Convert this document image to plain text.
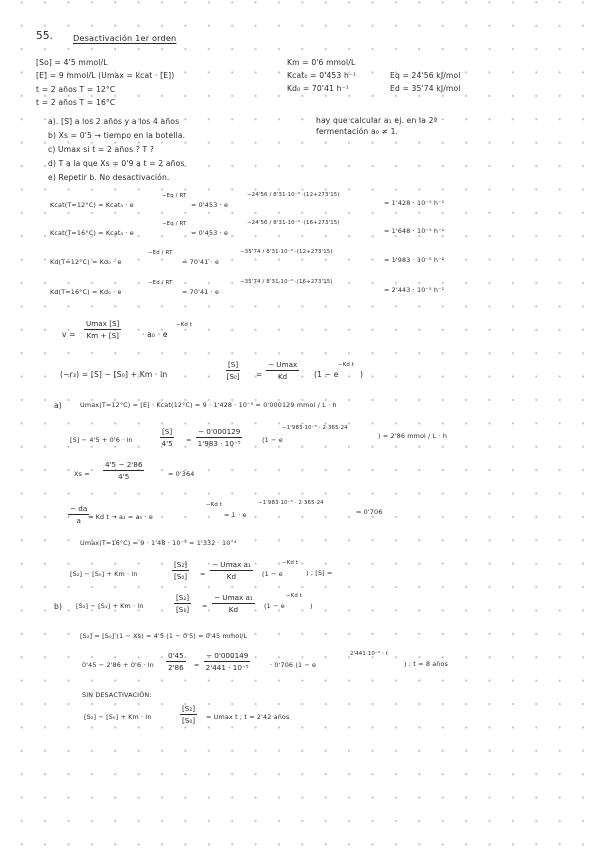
55. Desactivación 1er orden
[So] = 4'5 mmol/L
[E] = 9 mmol/L (Umax = kcat · [E])
t = 2 años T = 12°C
t = 2 años T = 16°C
Km = 0'6 mmol/L
Kcat₀ = 0'453 h⁻¹
Kd₀ = 70'41 h⁻¹
Eq = 24'56 kJ/mol
Ed = 35'74 kJ/mol
a). [S] a los 2 años y a los 4 años
b) Xs = 0'5 → tiempo en la botella.
c) Umax si t = 2 años ? T ?
d) T a la que Xs = 0'9 a t = 2 años
e) Repetir b. No desactivación.
hay que calcular a₁ ej. en la 2ª
fermentación a₀ ≠ 1.
Kcat(T=12°C) = Kcat₀ · e
−Eq / RT
= 0'453 · e
−24'56 / 8'31·10⁻³ ·(12+273'15)
= 1'428 · 10⁻⁵ h⁻¹
Kcat(T=16°C) = Kcat₀ · e
−Eq / RT
= 0'453 · e
−24'56 / 8'31·10⁻³ ·(16+273'15)
= 1'648 · 10⁻⁵ h⁻¹
Kd(T=12°C) = Kd₀ · e
−Ed / RT
= 70'41 · e
−35'74 / 8'31·10⁻³ ·(12+273'15)
= 1'983 · 10⁻⁵ h⁻¹
Kd(T=16°C) = Kd₀ · e
−Ed / RT
= 70'41 · e
−35'74 / 8'31·10⁻³ ·(16+273'15)
= 2'443 · 10⁻⁵ h⁻¹
v =
Umax [S]
Km + [S]	· a₀ · e
−Kd t
(−r₃) = [S] − [S₀] + Km · ln	$\frac{[S]}{\text{[S₀]}}$ =
− Umax
Kd	(1 − e
−Kd t
)
a)	Umax(T=12°C) = [E] · Kcat(12°C) = 9 · 1'428 · 10⁻⁵ = 0'000129 mmol / L · h
[S] − 4'5 + 0'6 · ln	$\frac{[S]}{4'5} = \frac{- 0'000129}{\text{1'983 · 10⁻⁵}}$	(1 − e
−1'983·10⁻⁵ · 2·365·24
) = 2'86 mmol / L · h
$Xs = \frac{4'5 - 2'86}{4'5}$	= 0'364
$\frac{- da}{a}$
= Kd t → a₂ = a₀ · e
−Kd t
= 1 · e
−1'983·10⁻⁵ · 2·365·24
= 0'706
Umax(T=16°C) = 9 · 1'48 · 10⁻⁵ = 1'332 · 10⁻⁴
[S₂] − [S₀] + Km · ln	$\frac{\text{[S₂]}}{\text{[S₀]}}$ =
− Umax a₁
Kd	(1 − e
−Kd t
) ; [S] =
b) [S₂] − [S₁] + Km · ln	$\frac{\text{[S₂]}}{\text{[S₁]}}$ =
− Umax a₁
Kd	(1 − e
−Kd t
)
[S₂] = [S₀] (1 − Xs) = 4'5 (1 − 0'5) = 0'45 mmol/L
$0'45 - 2'86 + 0'6 \cdot \ln \frac{0'45}{2'86} = \frac{- 0'000149}{\text{2'441 · 10⁻⁵}}$	· 0'706 (1 − e
2'441·10⁻⁵ · t
) ; t = 8 años
SIN DESACTIVACIÓN:
[S₂] − [S₀] + Km · ln	$\frac{\text{[S₂]}}{\text{[S₀]}} = Umax$ t ; t = 2'42 años
